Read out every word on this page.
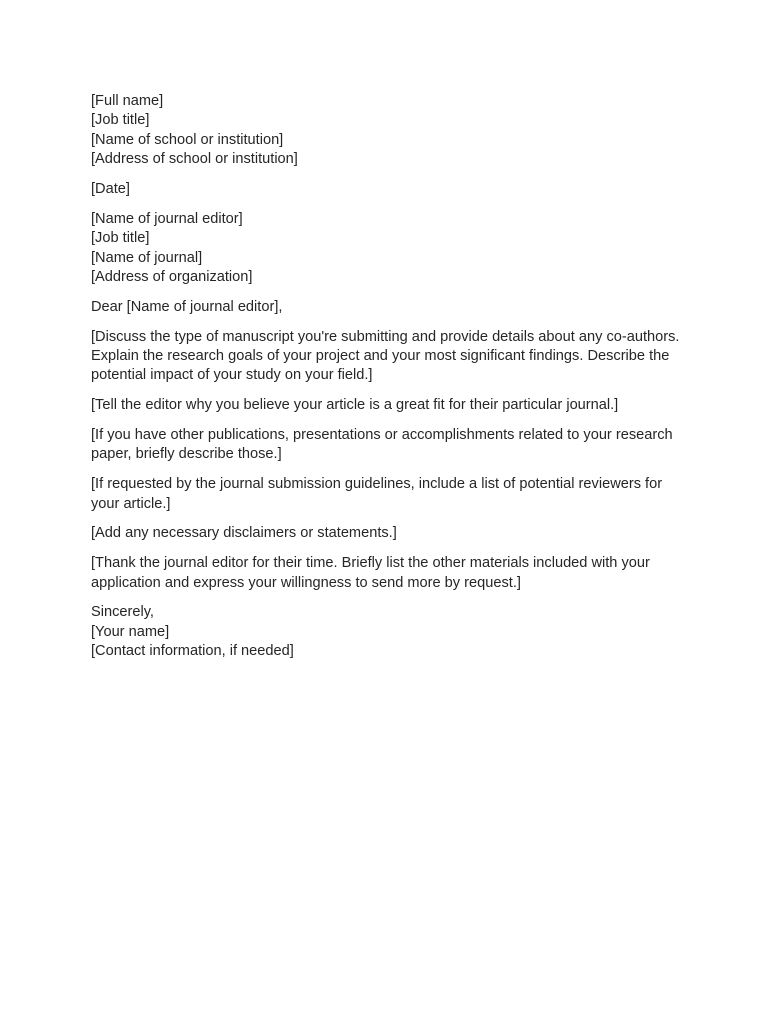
[Full name]
[Job title]
[Name of school or institution]
[Address of school or institution]
[Date]
[Name of journal editor]
[Job title]
[Name of journal]
[Address of organization]

Dear [Name of journal editor],

[Discuss the type of manuscript you're submitting and provide details about any co-authors. Explain the research goals of your project and your most significant findings. Describe the potential impact of your study on your field.]

[Tell the editor why you believe your article is a great fit for their particular journal.]

[If you have other publications, presentations or accomplishments related to your research paper, briefly describe those.]

[If requested by the journal submission guidelines, include a list of potential reviewers for your article.]

[Add any necessary disclaimers or statements.]

[Thank the journal editor for their time. Briefly list the other materials included with your application and express your willingness to send more by request.]

Sincerely,
[Your name]
[Contact information, if needed]
